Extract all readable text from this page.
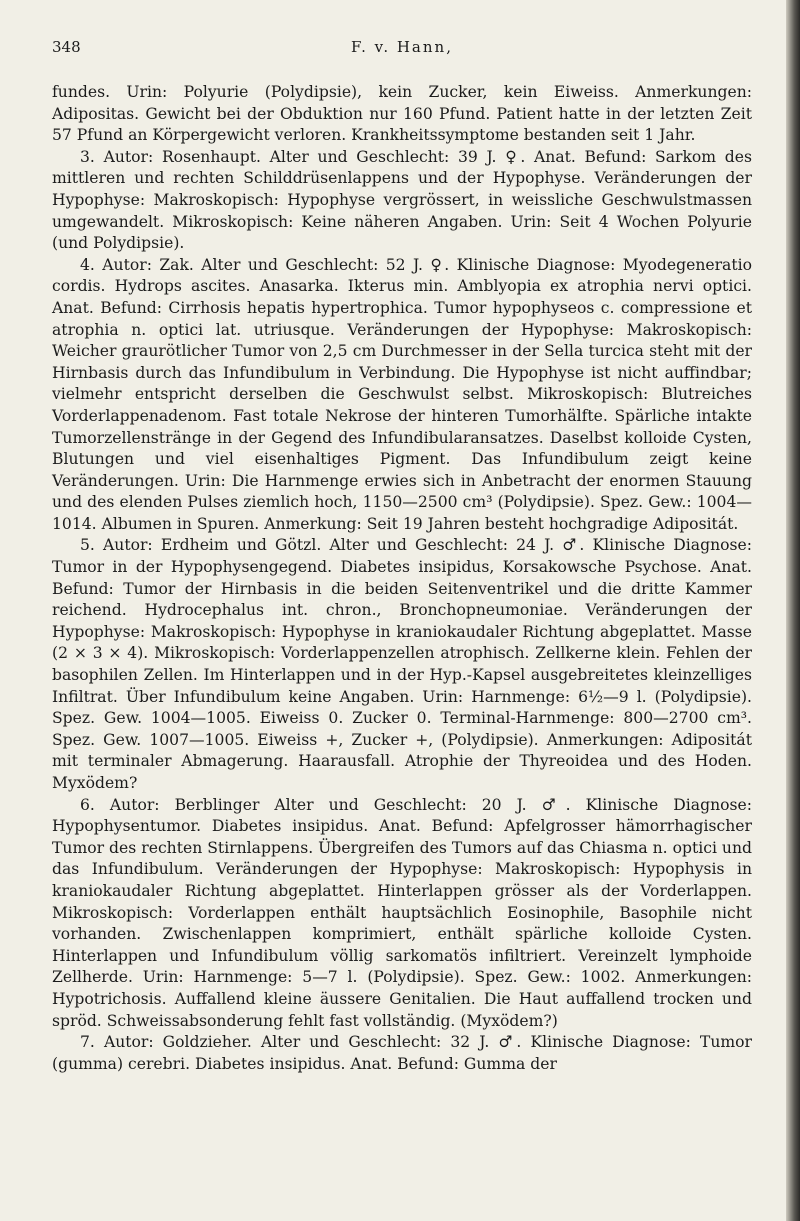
348	F. v. Hann,

fundes. Urin: Polyurie (Polydipsie), kein Zucker, kein Eiweiss. Anmerkungen: Adipositas. Gewicht bei der Obduktion nur 160 Pfund. Patient hatte in der letzten Zeit 57 Pfund an Körpergewicht verloren. Krankheitssymptome bestanden seit 1 Jahr.

3. Autor: Rosenhaupt. Alter und Geschlecht: 39 J. ♀. Anat. Befund: Sarkom des mittleren und rechten Schilddrüsenlappens und der Hypophyse. Veränderungen der Hypophyse: Makroskopisch: Hypophyse vergrössert, in weissliche Geschwulstmassen umgewandelt. Mikroskopisch: Keine näheren Angaben. Urin: Seit 4 Wochen Polyurie (und Polydipsie).

4. Autor: Zak. Alter und Geschlecht: 52 J. ♀. Klinische Diagnose: Myodegeneratio cordis. Hydrops ascites. Anasarka. Ikterus min. Amblyopia ex atrophia nervi optici. Anat. Befund: Cirrhosis hepatis hypertrophica. Tumor hypophyseos c. compressione et atrophia n. optici lat. utriusque. Veränderungen der Hypophyse: Makroskopisch: Weicher graurötlicher Tumor von 2,5 cm Durchmesser in der Sella turcica steht mit der Hirnbasis durch das Infundibulum in Verbindung. Die Hypophyse ist nicht auffindbar; vielmehr entspricht derselben die Geschwulst selbst. Mikroskopisch: Blutreiches Vorderlappenadenom. Fast totale Nekrose der hinteren Tumorhälfte. Spärliche intakte Tumorzellenstränge in der Gegend des Infundibularansatzes. Daselbst kolloide Cysten, Blutungen und viel eisenhaltiges Pigment. Das Infundibulum zeigt keine Veränderungen. Urin: Die Harnmenge erwies sich in Anbetracht der enormen Stauung und des elenden Pulses ziemlich hoch, 1150—2500 cm³ (Polydipsie). Spez. Gew.: 1004—1014. Albumen in Spuren. Anmerkung: Seit 19 Jahren besteht hochgradige Adipositát.

5. Autor: Erdheim und Götzl. Alter und Geschlecht: 24 J. ♂. Klinische Diagnose: Tumor in der Hypophysengegend. Diabetes insipidus, Korsakowsche Psychose. Anat. Befund: Tumor der Hirnbasis in die beiden Seitenventrikel und die dritte Kammer reichend. Hydrocephalus int. chron., Bronchopneumoniae. Veränderungen der Hypophyse: Makroskopisch: Hypophyse in kraniokaudaler Richtung abgeplattet. Masse (2 × 3 × 4). Mikroskopisch: Vorderlappenzellen atrophisch. Zellkerne klein. Fehlen der basophilen Zellen. Im Hinterlappen und in der Hyp.-Kapsel ausgebreitetes kleinzelliges Infiltrat. Über Infundibulum keine Angaben. Urin: Harnmenge: 6½—9 l. (Polydipsie). Spez. Gew. 1004—1005. Eiweiss 0. Zucker 0. Terminal-Harnmenge: 800—2700 cm³. Spez. Gew. 1007—1005. Eiweiss +, Zucker +, (Polydipsie). Anmerkungen: Adipositát mit terminaler Abmagerung. Haarausfall. Atrophie der Thyreoidea und des Hoden. Myxödem?

6. Autor: Berblinger Alter und Geschlecht: 20 J. ♂. Klinische Diagnose: Hypophysentumor. Diabetes insipidus. Anat. Befund: Apfelgrosser hämorrhagischer Tumor des rechten Stirnlappens. Übergreifen des Tumors auf das Chiasma n. optici und das Infundibulum. Veränderungen der Hypophyse: Makroskopisch: Hypophysis in kraniokaudaler Richtung abgeplattet. Hinterlappen grösser als der Vorderlappen. Mikroskopisch: Vorderlappen enthält hauptsächlich Eosinophile, Basophile nicht vorhanden. Zwischenlappen komprimiert, enthält spärliche kolloide Cysten. Hinterlappen und Infundibulum völlig sarkomatös infiltriert. Vereinzelt lymphoide Zellherde. Urin: Harnmenge: 5—7 l. (Polydipsie). Spez. Gew.: 1002. Anmerkungen: Hypotrichosis. Auffallend kleine äussere Genitalien. Die Haut auffallend trocken und spröd. Schweissabsonderung fehlt fast vollständig. (Myxödem?)

7. Autor: Goldzieher. Alter und Geschlecht: 32 J. ♂. Klinische Diagnose: Tumor (gumma) cerebri. Diabetes insipidus. Anat. Befund: Gumma der
